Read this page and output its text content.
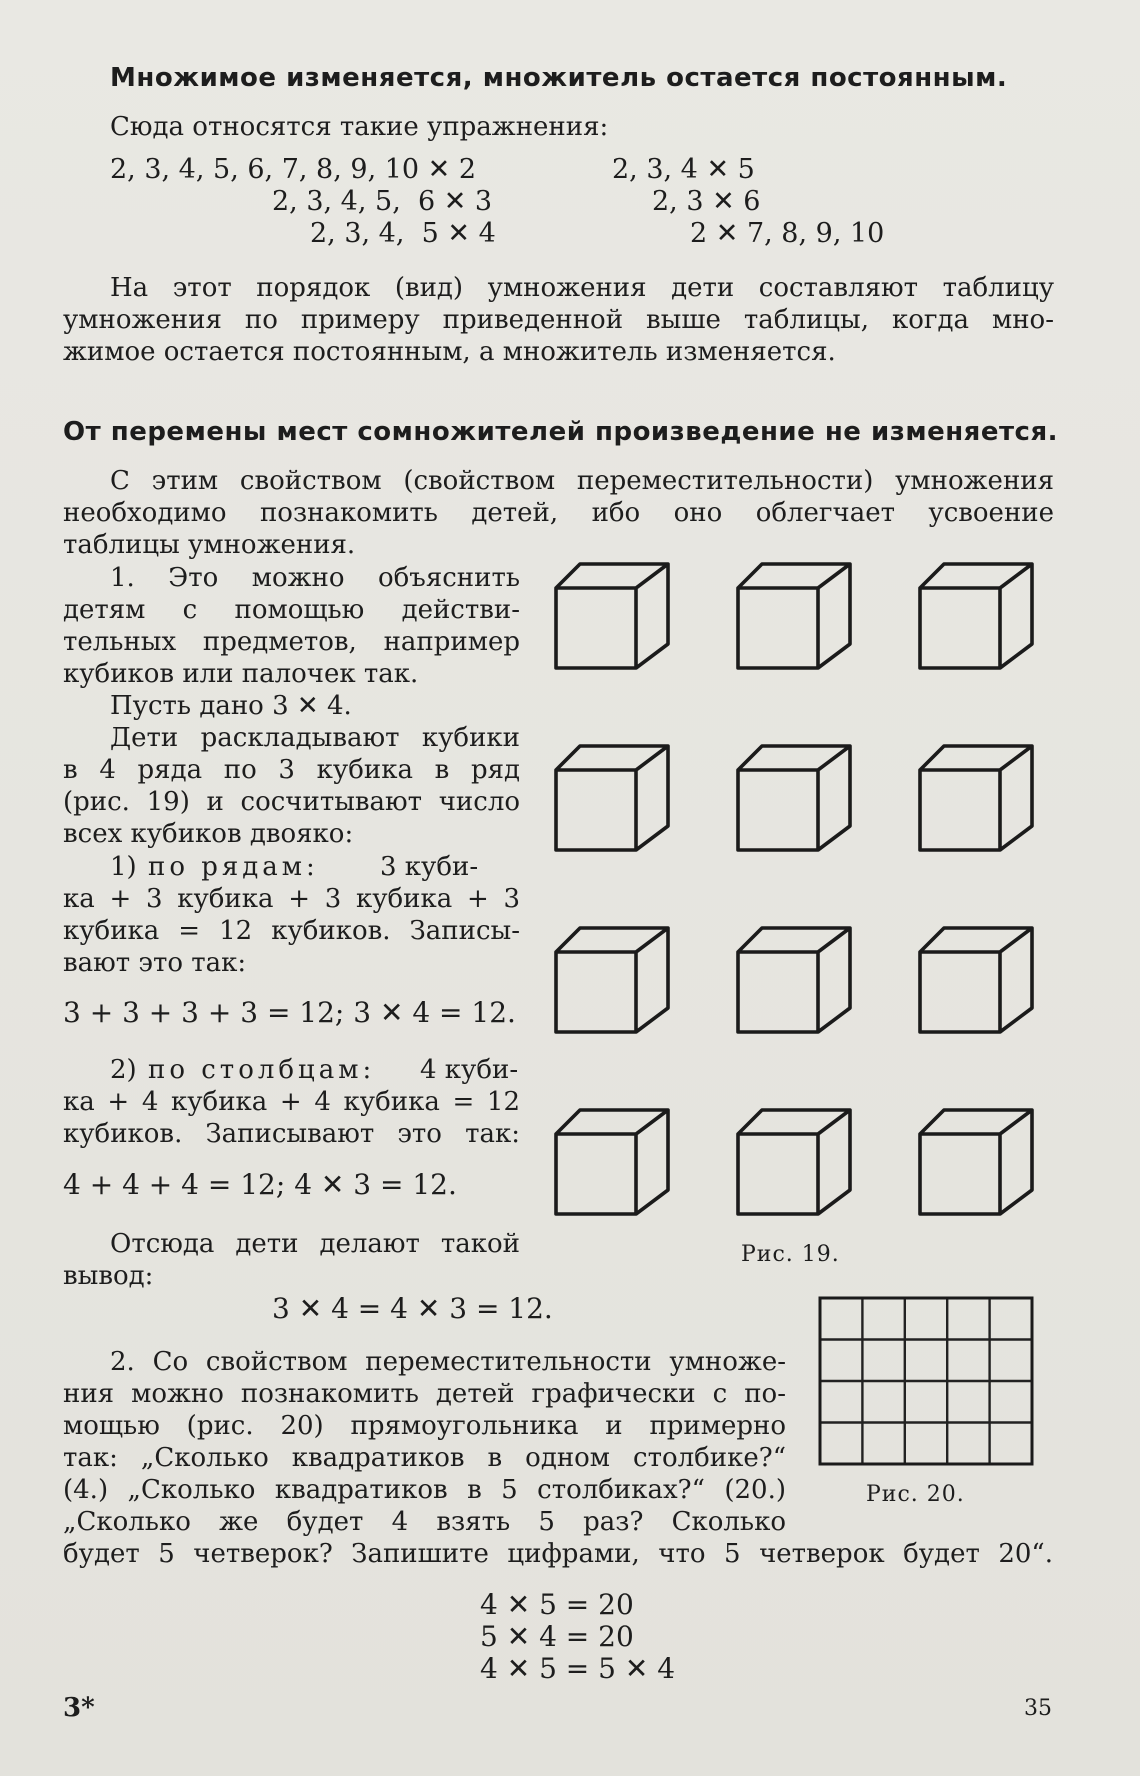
Множимое изменяется, множитель остается постоянным.
Сюда относятся такие упражнения:
2, 3, 4, 5, 6, 7, 8, 9, 10 ✕ 2
2, 3, 4, 5,  6 ✕ 3
2, 3, 4,  5 ✕ 4
2, 3, 4 ✕ 5
2, 3 ✕ 6
2 ✕ 7, 8, 9, 10
На этот порядок (вид) умножения дети составляют таблицу
умножения по примеру приведенной выше таблицы, когда мно-
жимое остается постоянным, а множитель изменяется.
От перемены мест сомножителей произведение не изменяется.
С этим свойством (свойством переместительности) умножения
необходимо познакомить детей, ибо оно облегчает усвоение
таблицы умножения.
1. Это можно объяснить
детям с помощью действи-
тельных предметов, например
кубиков или палочек так.
Пусть дано 3 ✕ 4.
Дети раскладывают кубики
в 4 ряда по 3 кубика в ряд
(рис. 19) и сосчитывают число
всех кубиков двояко:
1) по рядам: 3 куби-
ка + 3 кубика + 3 кубика + 3
кубика = 12 кубиков. Записы-
вают это так:
3 + 3 + 3 + 3 = 12; 3 ✕ 4 = 12.
2) по столбцам: 4 куби-
ка + 4 кубика + 4 кубика = 12
кубиков. Записывают это так:
4 + 4 + 4 = 12; 4 ✕ 3 = 12.
Отсюда дети делают такой
вывод:
3 ✕ 4 = 4 ✕ 3 = 12.
Рис. 19.
Рис. 20.
2. Со свойством переместительности умноже-
ния можно познакомить детей графически с по-
мощью (рис. 20) прямоугольника и примерно
так: „Сколько квадратиков в одном столбике?“
(4.) „Сколько квадратиков в 5 столбиках?“ (20.)
„Сколько же будет 4 взять 5 раз? Сколько
будет 5 четверок? Запишите цифрами, что 5 четверок будет 20“.
4 ✕ 5 = 20
5 ✕ 4 = 20
4 ✕ 5 = 5 ✕ 4
3*	35
